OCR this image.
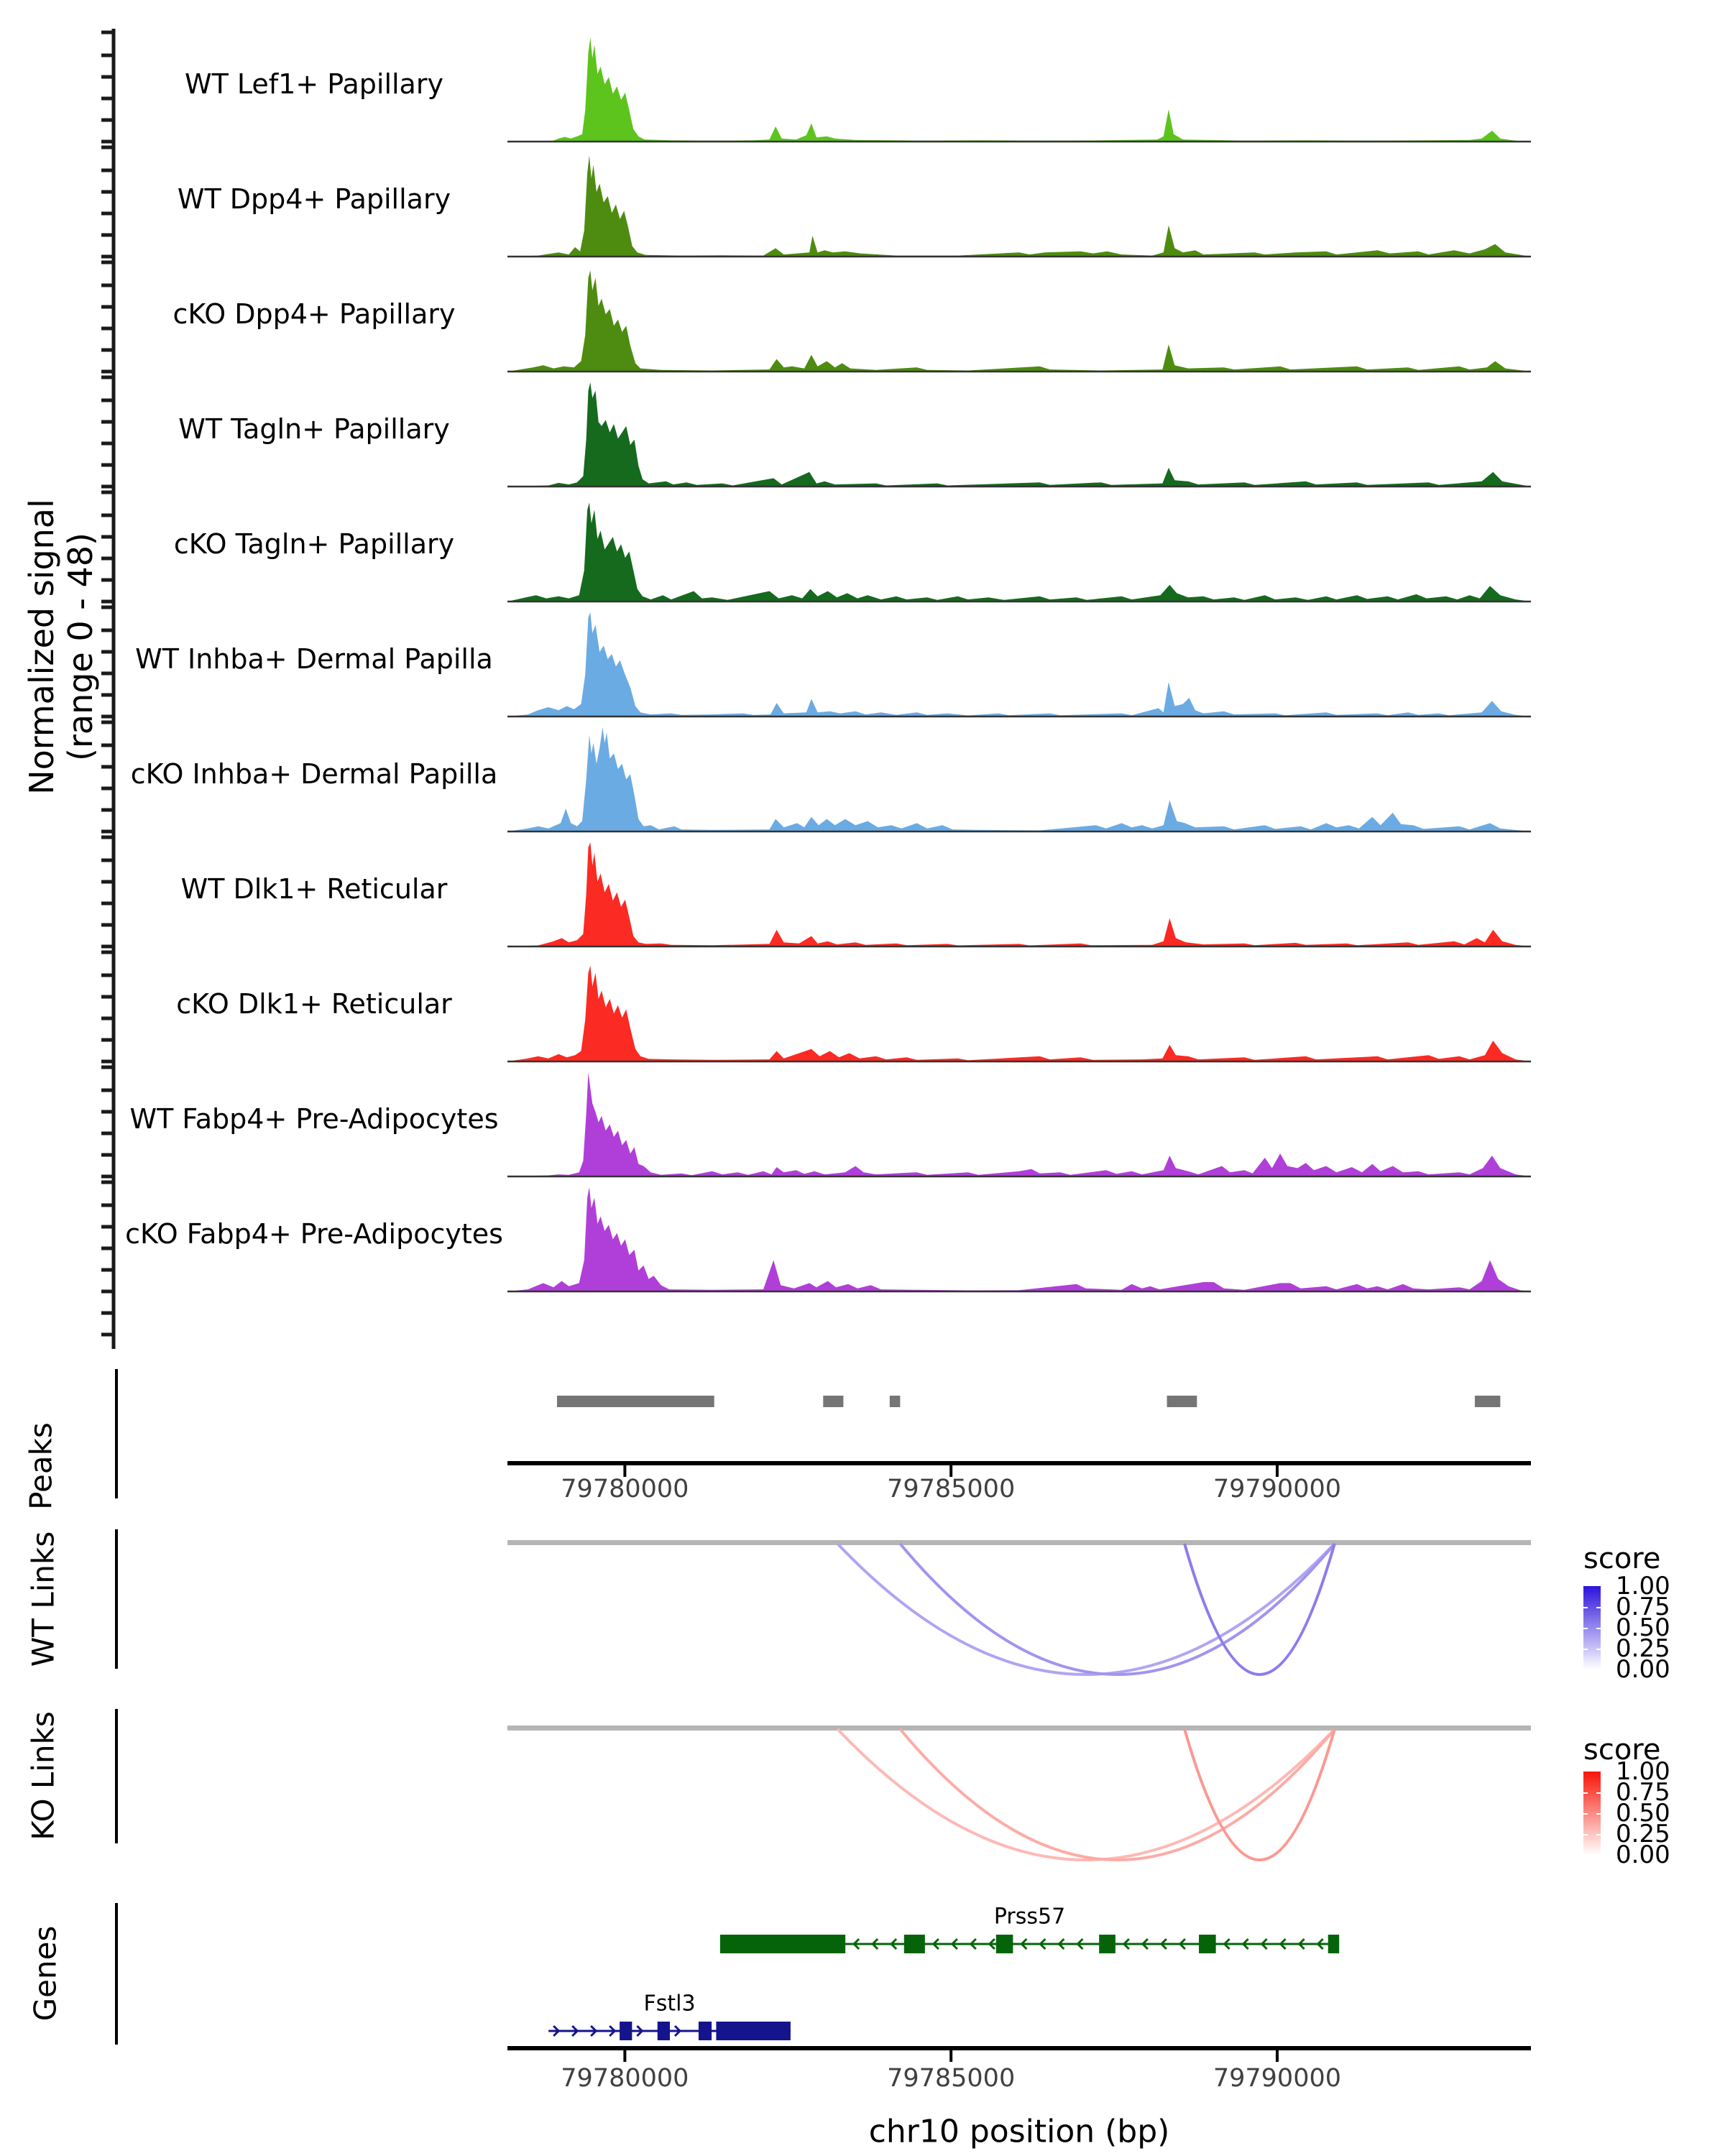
Normalized signal (range 0 - 48)
Peaks
WT Links
KO Links
Genes
score
score
chr10 position (bp)
WT Lef1+ Papillary
WT Dpp4+ Papillary
cKO Dpp4+ Papillary
WT Tagln+ Papillary
cKO Tagln+ Papillary
WT Inhba+ Dermal Papilla
cKO Inhba+ Dermal Papilla
WT Dlk1+ Reticular
cKO Dlk1+ Reticular
WT Fabp4+ Pre-Adipocytes
cKO Fabp4+ Pre-Adipocytes
79780000	79785000	79790000
1.00
0.75
0.50
0.25
0.00
1.00
0.75
0.50
0.25
0.00
Prss57
Fstl3
79780000	79785000	79790000
